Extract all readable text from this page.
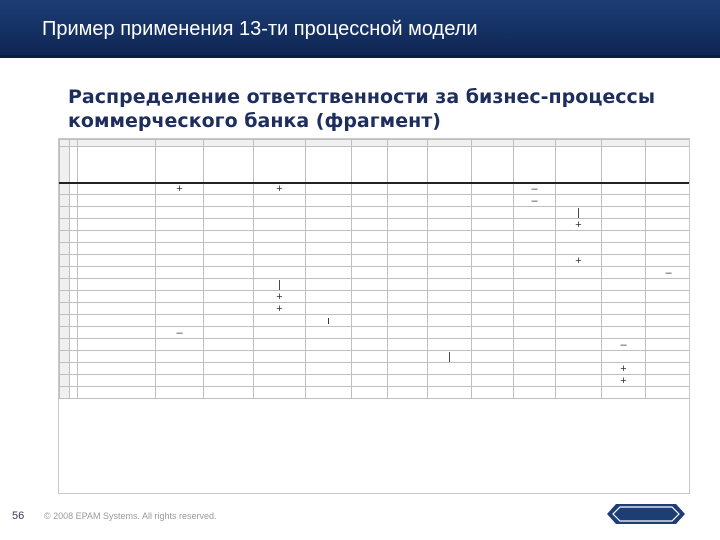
Пример применения 13-ти процессной модели
Распределение ответственности за бизнес-процессы коммерческого банка (фрагмент)

			+		+						–			
											–			
												|		
												+		

												+		
														–
					|									
					+									
					+									
						ı								
			–											
													–	
									|					
													+	
													+	

56 © 2008 EPAM Systems. All rights reserved.
